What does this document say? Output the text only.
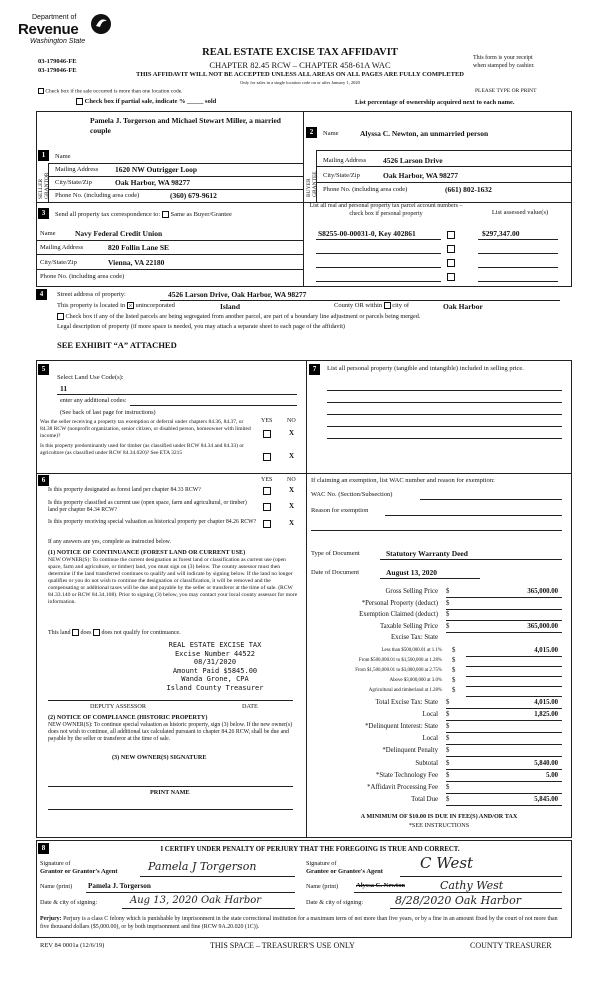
Department of
Revenue
Washington State
03-179046-FE
03-179046-FE
REAL ESTATE EXCISE TAX AFFIDAVIT
CHAPTER 82.45 RCW – CHAPTER 458-61A WAC
THIS AFFIDAVIT WILL NOT BE ACCEPTED UNLESS ALL AREAS ON ALL PAGES ARE FULLY COMPLETED
Only for sales in a single location code on or after January 1, 2020
This form is your receipt
when stamped by cashier.
PLEASE TYPE OR PRINT
Check box if the sale occurred is more than one location code.
Check box if partial sale, indicate % _____ sold	List percentage of ownership acquired next to each name.
1	Name
Pamela J. Torgerson and Michael Stewart Miller, a married couple
SELLER GRANTOR
Mailing Address 1620 NW Outrigger Loop
City/State/Zip	Oak Harbor, WA 98277
Phone No. (including area code)	(360) 679-9612
2	Name	Alyssa C. Newton, an unmarried person
BUYER GRANTEE
Mailing Address 4526 Larson Drive
City/State/Zip	Oak Harbor, WA 98277
Phone No. (including area code)	(661) 802-1632
3	Send all property tax correspondence to: Same as Buyer/Grantee
Name	Navy Federal Credit Union
Mailing Address	820 Follin Lane SE
City/State/Zip	Vienna, VA 22180
Phone No. (including area code)
List all real and personal property tax parcel account numbers – check box if personal property	List assessed value(s)
S8255-00-00031-0, Key 402861	$297,347.00
4	Street address of property:	4526 Larson Drive, Oak Harbor, WA 98277
This property is located in × unincorporated	Island	County OR within city of	Oak Harbor
Check box if any of the listed parcels are being segregated from another parcel, are part of a boundary line adjustment or parcels being merged.
Legal description of property (if more space is needed, you may attach a separate sheet to each page of the affidavit)
SEE EXHIBIT “A” ATTACHED
5
Select Land Use Code(s):
11
enter any additional codes:
(See back of last page for instructions)
YES NO
Was the seller receiving a property tax exemption or deferral under chapters 84.36, 84.37, or 84.38 RCW (nonprofit organization, senior citizen, or disabled person, homeowner with limited income)?	X
Is this property predominantly used for timber (as classified under RCW 84.34 and 84.33) or agriculture (as classified under RCW 84.34.020)? See ETA 3215	X
7	List all personal property (tangible and intangible) included in selling price.
6	YES NO
Is this property designated as forest land per chapter 84.33 RCW?	X
Is this property classified as current use (open space, farm and agricultural, or timber) land per chapter 84.34 RCW?	X
Is this property receiving special valuation as historical property per chapter 84.26 RCW?	X
If any answers are yes, complete as instructed below.
(1) NOTICE OF CONTINUANCE (FOREST LAND OR CURRENT USE)
NEW OWNER(S): To continue the current designation as forest land or classification as current use (open space, farm and agriculture, or timber) land, you must sign on (3) below. The county assessor must then determine if the land transferred continues to qualify and will indicate by signing below. If the land no longer qualifies or you do not wish to continue the designation or classification, it will be removed and the compensating or additional taxes will be due and payable by the seller or transferor at the time of sale. (RCW 84.33.140 or RCW 84.34.108). Prior to signing (3) below, you may contact your local county assessor for more information.
This land does does not qualify for continuance.
REAL ESTATE EXCISE TAX
Excise Number 44522
08/31/2020
Amount Paid $5845.00
Wanda Grone, CPA
Island County Treasurer
DEPUTY ASSESSOR	DATE
(2) NOTICE OF COMPLIANCE (HISTORIC PROPERTY)
NEW OWNER(S): To continue special valuation as historic property, sign (3) below. If the new owner(s) does not wish to continue, all additional tax calculated pursuant to chapter 84.26 RCW, shall be due and payable by the seller or transferor at the time of sale.
(3) NEW OWNER(S) SIGNATURE
PRINT NAME
If claiming an exemption, list WAC number and reason for exemption:
WAC No. (Section/Subsection)
Reason for exemption
Type of Document	Statutory Warranty Deed
Date of Document	August 13, 2020
Gross Selling Price $	365,000.00
*Personal Property (deduct) $
Exemption Claimed (deduct) $
Taxable Selling Price $	365,000.00
Excise Tax: State
Less than $500,000.01 at 1.1% $	4,015.00
From $500,000.01 to $1,500,000 at 1.28% $
From $1,500,000.01 to $3,000,000 at 2.75% $
Above $3,000,000 at 3.0% $
Agricultural and timberland at 1.28% $
Total Excise Tax: State $	4,015.00
Local $	1,825.00
*Delinquent Interest: State $
Local $
*Delinquent Penalty $
Subtotal $	5,840.00
*State Technology Fee $	5.00
*Affidavit Processing Fee $
Total Due $	5,845.00
A MINIMUM OF $10.00 IS DUE IN FEE(S) AND/OR TAX
*SEE INSTRUCTIONS
8	I CERTIFY UNDER PENALTY OF PERJURY THAT THE FOREGOING IS TRUE AND CORRECT.
Signature of
Grantor or Grantor's Agent	Pamela J Torgerson
Name (print) Pamela J. Torgerson
Date & city of signing:	Aug 13, 2020 Oak Harbor
Signature of
Grantee or Grantee's Agent C West
Name (print)	Alyssa C. Newton	Cathy West
Date & city of signing:	8/28/2020 Oak Harbor
Perjury: Perjury is a class C felony which is punishable by imprisonment in the state correctional institution for a maximum term of not more than five years, or by a fine in an amount fixed by the court of not more than five thousand dollars ($5,000.00), or by both imprisonment and fine (RCW 9A.20.020 (1C)).
REV 84 0001a (12/6/19)	THIS SPACE – TREASURER'S USE ONLY	COUNTY TREASURER
